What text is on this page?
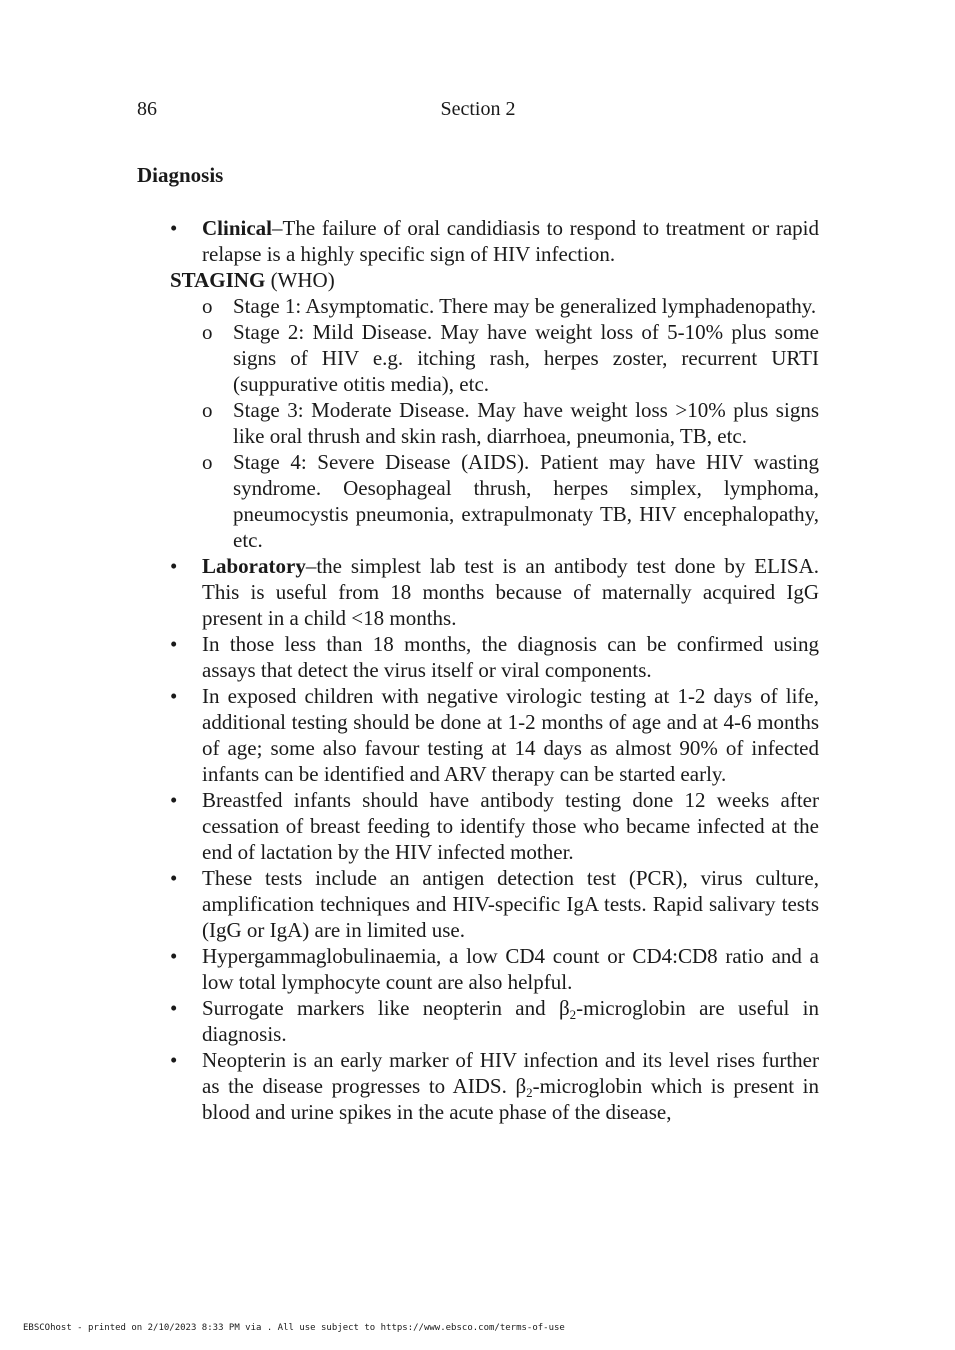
86	Section 2
Diagnosis
• Clinical–The failure of oral candidiasis to respond to treatment or rapid relapse is a highly specific sign of HIV infection.
STAGING (WHO)
o Stage 1: Asymptomatic. There may be generalized lymphadenopathy.
o Stage 2: Mild Disease. May have weight loss of 5-10% plus some signs of HIV e.g. itching rash, herpes zoster, recurrent URTI (suppurative otitis media), etc.
o Stage 3: Moderate Disease. May have weight loss >10% plus signs like oral thrush and skin rash, diarrhoea, pneumonia, TB, etc.
o Stage 4: Severe Disease (AIDS). Patient may have HIV wasting syndrome. Oesophageal thrush, herpes simplex, lymphoma, pneumocystis pneumonia, extrapulmonaty TB, HIV encephalopathy, etc.
• Laboratory–the simplest lab test is an antibody test done by ELISA. This is useful from 18 months because of maternally acquired IgG present in a child <18 months.
• In those less than 18 months, the diagnosis can be confirmed using assays that detect the virus itself or viral components.
• In exposed children with negative virologic testing at 1-2 days of life, additional testing should be done at 1-2 months of age and at 4-6 months of age; some also favour testing at 14 days as almost 90% of infected infants can be identified and ARV therapy can be started early.
• Breastfed infants should have antibody testing done 12 weeks after cessation of breast feeding to identify those who became infected at the end of lactation by the HIV infected mother.
• These tests include an antigen detection test (PCR), virus culture, amplification techniques and HIV-specific IgA tests. Rapid salivary tests (IgG or IgA) are in limited use.
• Hypergammaglobulinaemia, a low CD4 count or CD4:CD8 ratio and a low total lymphocyte count are also helpful.
• Surrogate markers like neopterin and $\beta_2$-microglobin are useful in diagnosis.
• Neopterin is an early marker of HIV infection and its level rises further as the disease progresses to AIDS. $\beta_2$-microglobin which is present in blood and urine spikes in the acute phase of the disease,
EBSCOhost - printed on 2/10/2023 8:33 PM via . All use subject to https://www.ebsco.com/terms-of-use
